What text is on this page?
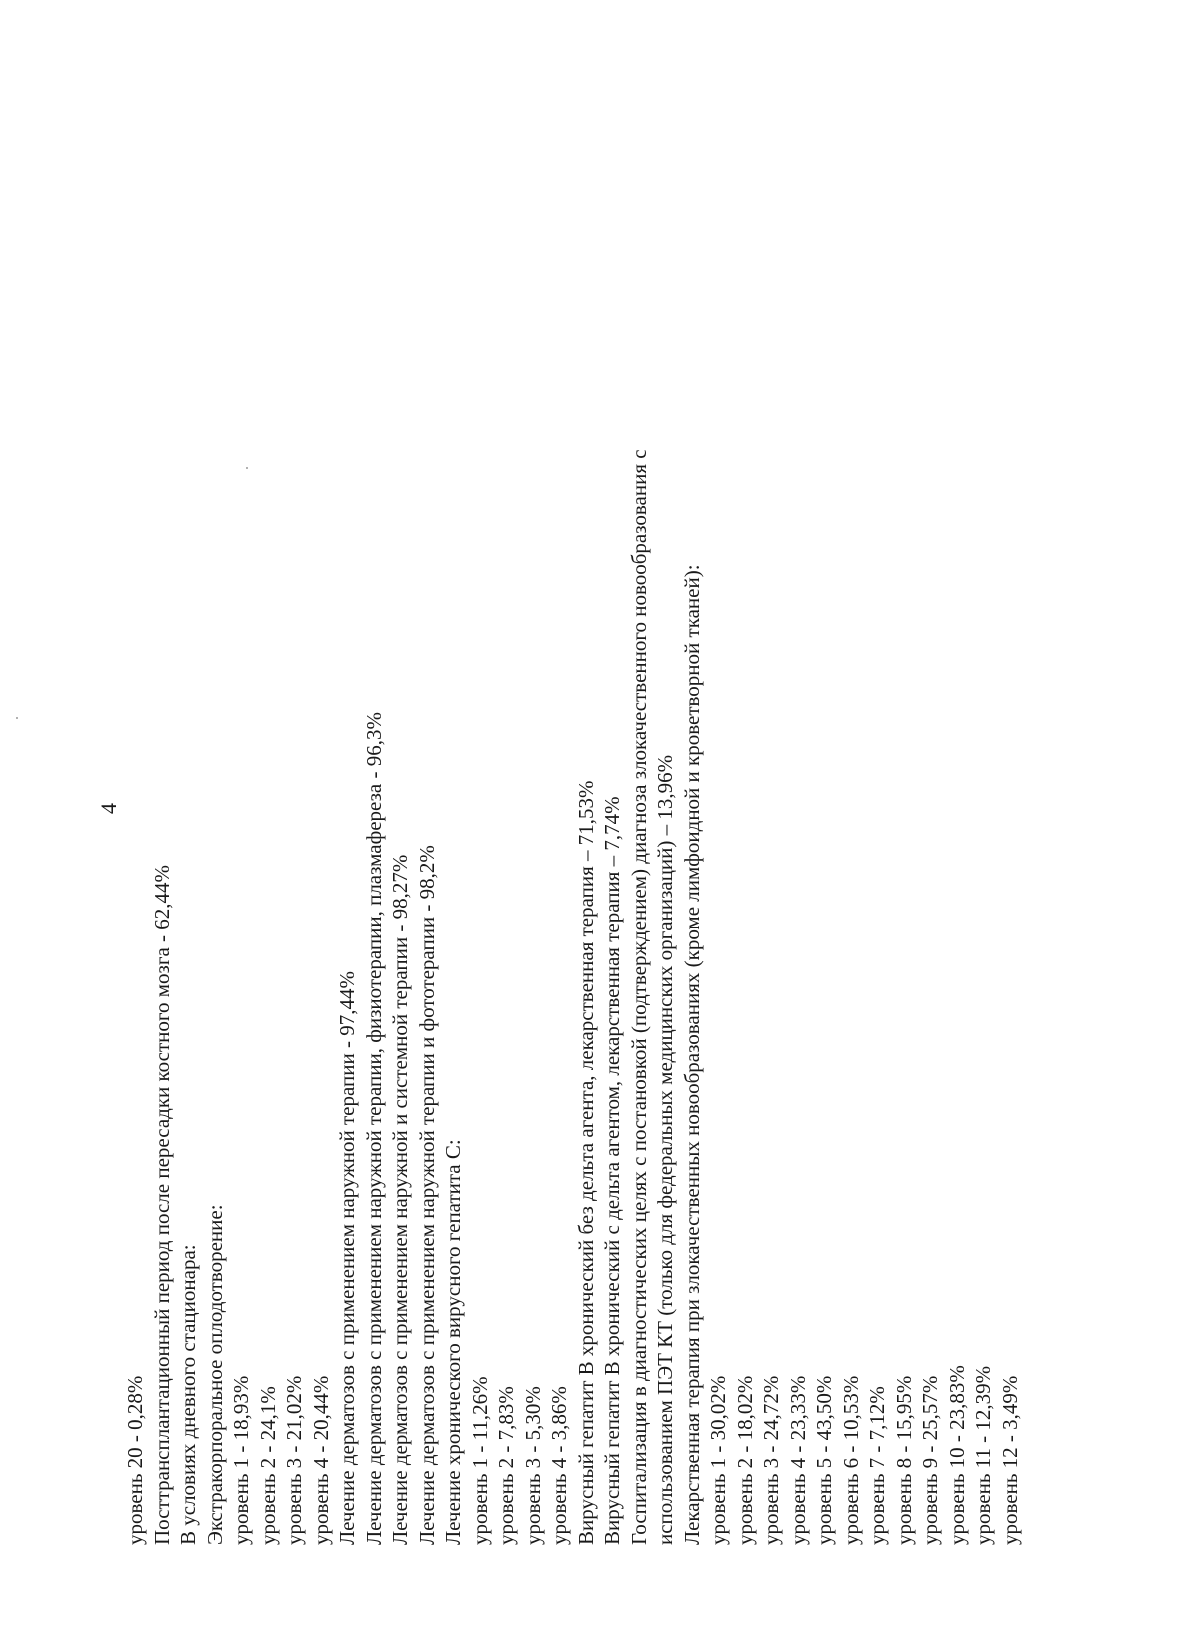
4
уровень 20 - 0,28% Посттрансплантационный период после пересадки костного мозга - 62,44% В условиях дневного стационара: Экстракорпоральное оплодотворение: уровень 1 - 18,93% уровень 2 - 24,1% уровень 3 - 21,02% уровень 4 - 20,44% Лечение дерматозов с применением наружной терапии - 97,44% Лечение дерматозов с применением наружной терапии, физиотерапии, плазмафереза - 96,3% Лечение дерматозов с применением наружной и системной терапии - 98,27% Лечение дерматозов с применением наружной терапии и фототерапии - 98,2% Лечение хронического вирусного гепатита С: уровень 1 - 11,26% уровень 2 - 7,83% уровень 3 - 5,30% уровень 4 - 3,86% Вирусный гепатит В хронический без дельта агента, лекарственная терапия – 71,53% Вирусный гепатит В хронический с дельта агентом, лекарственная терапия – 7,74% Госпитализация в диагностических целях с постановкой (подтверждением) диагноза злокачественного новообразования с использованием ПЭТ КТ (только для федеральных медицинских организаций) – 13,96% Лекарственная терапия при злокачественных новообразованиях (кроме лимфоидной и кроветворной тканей): уровень 1 - 30,02% уровень 2 - 18,02% уровень 3 - 24,72% уровень 4 - 23,33% уровень 5 - 43,50% уровень 6 - 10,53% уровень 7 - 7,12% уровень 8 - 15,95% уровень 9 - 25,57% уровень 10 - 23,83% уровень 11 - 12,39% уровень 12 - 3,49%
